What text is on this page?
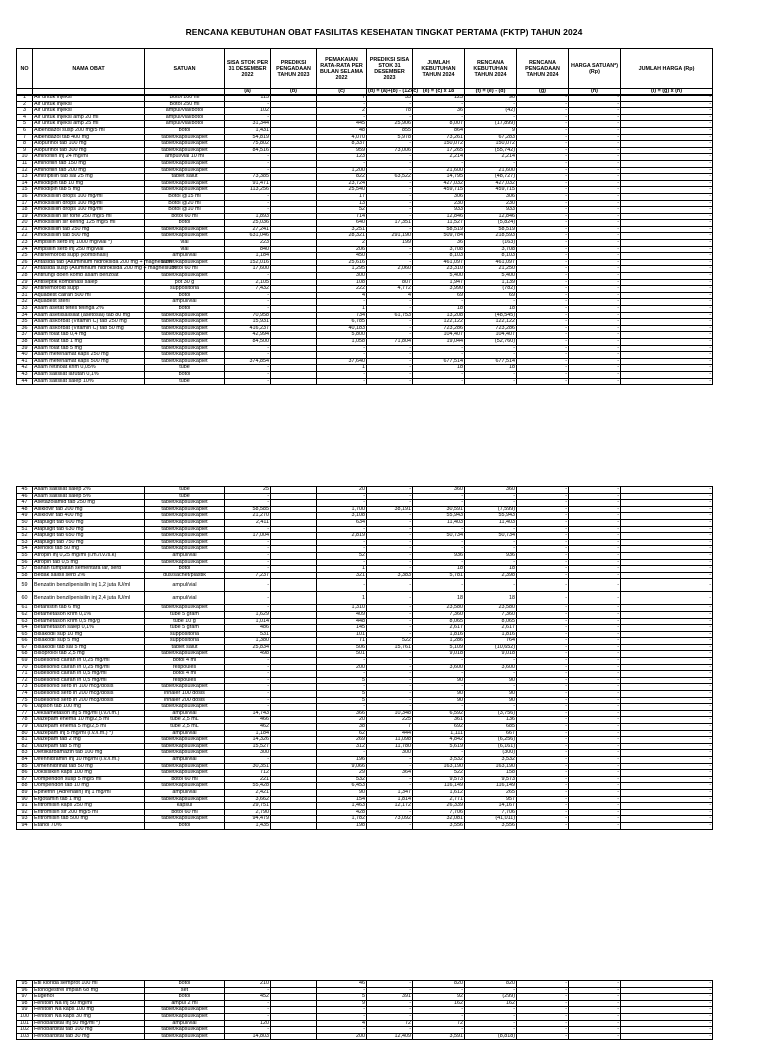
RENCANA KEBUTUHAN OBAT FASILITAS KESEHATAN TINGKAT PERTAMA (FKTP) TAHUN 2024
NO	NAMA OBAT	SATUAN	SISA STOK PER 31 DESEMBER 2022	PREDIKSI PENGADAAN TAHUN 2023	PEMAKAIAN RATA-RATA PER BULAN SELAMA 2022	PREDIKSI SISA STOK 31 DESEMBER 2023	JUMLAH KEBUTUHAN TAHUN 2024	RENCANA KEBUTUHAN TAHUN 2024	RENCANA PENGADAAN TAHUN 2024	HARGA SATUAN*) (Rp)	JUMLAH HARGA (Rp)
			(a)	(b)	(c)	(d) = (a)+(b) - (12xc)	(e) = (c) x 18	(f) = (e) - (d)	(g)	(h)	(i) = (g) x (h)
1	Air untuk injeksi	Botol 100 ml	115		7	33	123	90	-	-	-
2	Air untuk injeksi	Botol 250 ml	-		-	-	-	-	-	-	-
3	Air untuk injeksi	ampul/vial/botol	102		2	78	36	(42)	-	-	-
4	Air untuk injeksi amp 20 ml	ampul/vial/botol	-		-	-	-	-	-	-	-
5	Air untuk injeksi amp 25 ml	ampul/vial/botol	31,344		445	25,906	8,007	(17,899)	-	-	-
6	Albendazol susp 200 mg/5 ml	botol	1,431		48	855	864	9	-	-	-
7	Albendazol tab 400 mg	tablet/kapsul/kaplet	54,819		4,070	5,978	73,261	67,283	-	-	-
8	Alopurinol tab 100 mg	tablet/kapsul/kaplet	75,802		8,337	-	150,072	150,072	-	-	-
9	Alopurinol tab 300 mg	tablet/kapsul/kaplet	84,516		959	73,006	17,265	(55,742)	-	-	-
10	Aminofilin inj 24 mg/ml	ampul/vial 10 ml	-		123	-	2,214	2,214	-	-	-
11	Aminofilin tab 150 mg	tablet/kapsul/kaplet	-		-	-	-	-	-	-	-
12	Aminofilin tab 200 mg	tablet/kapsul/kaplet	-		1,200	-	21,600	21,600	-	-	-
13	Amitriptilin tab sal 25 mg	tablet salut	73,385		822	63,522	14,795	(48,727)	-	-	-
14	Amlodipin tab 10 mg	tablet/kapsul/kaplet	91,471		23,724	-	427,032	427,032	-	-	-
15	Amlodipin tab 5 mg	tablet/kapsul/kaplet	113,256		25,540	-	459,715	459,715	-	-	-
16	Amoksisilin drops 100 mg/ml	Botol @15 ml	-		17	-	306	306	-	-	-
17	Amoksisilin drops 100 mg/ml	Botol @20 ml	-		13	-	230	230	-	-	-
18	Amoksisilin drops 100 mg/ml	Botol @10 ml	-		52	-	933	933	-	-	-
19	Amoksisilin sir forte 250 mg/5 ml	botol 60 ml	1,893		714	-	12,846	12,846	-	-	-
20	Amoksisilin sir kering 125 mg/5 ml	botol	25,036		640	17,351	11,527	(5,824)	-	-	-
21	Amoksisilin tab 250 mg	tablet/kapsul/kaplet	27,241		3,251	-	58,519	58,519	-	-	-
22	Amoksisilin tab 500 mg	tablet/kapsul/kaplet	631,046		28,321	291,190	509,784	218,593	-	-	-
23	Ampisilin serb inj 1000 mg/vial *)	vial	223		2	199	36	(163)	-	-	-
24	Ampisilin serb inj 250 mg/vial	vial	840		206	-	3,708	3,708	-	-	-
25	Antihemoroid supp (kombinasi)	ampul/vial	1,184		450	-	8,103	8,103	-	-	-
26	Antasida tab (Aluminium hidroksida 200 mg + magnesium	tablet/kapsul/kaplet	152,016		25,616	-	461,097	461,097	-	-	-
27	Antasida susp (Aluminium hidroksida 200 mg + magnesium	botol 60 ml	17,600		1,295	2,060	23,310	21,250	-	-	-
28	Antifungi doen komb asam benzoat	tablet/kapsul/kaplet	-		300	-	5,400	5,400	-	-	-
29	Antiseptik kombinasi salep	pot 30 g	2,105		108	807	1,947	1,139	-	-	-
30	Antihemoroid supp	suppositoria	7,432		222	4,772	3,990	(782)	-	-	-
31	Aquadest cairan 500 ml	botol	-		4	4	69	69	-	-	-
32	Aquadest steril	ampul/vial	-		-	-	-	-	-	-	-
33	Asam asetat tetes telinga 2%	botol	-		1	-	18	18	-	-	-
34	Asam asetilsalisilat (asetosal) tab 80 mg	tablet/kapsul/kaplet	70,958		734	61,753	13,208	(48,545)	-	-	-
35	Asam askorbat (Vitamin C) tab 250 mg	tablet/kapsul/kaplet	15,931		6,785	-	122,122	122,122	-	-	-
36	Asam askorbat (Vitamin C) tab 50 mg	tablet/kapsul/kaplet	416,237		40,183	-	723,286	723,286	-	-	-
37	Asam folat tab 0,4 mg	tablet/kapsul/kaplet	42,994		5,800	-	104,407	104,407	-	-	-
38	Asam folat tab 1 mg	tablet/kapsul/kaplet	84,500		1,058	71,804	19,044	(52,760)	-	-	-
39	Asam folat tab 5 mg	tablet/kapsul/kaplet	-		-	-	-	-	-	-	-
40	Asam mefenamat kaps 250 mg	tablet/kapsul/kaplet	-		-	-	-	-	-	-	-
41	Asam mefenamat kaps 500 mg	tablet/kapsul/kaplet	374,854		37,640	-	677,514	677,514	-	-	-
42	Asam retinoat krim 0,05%	tube	-		1	-	18	18	-	-	-
43	Asam salisilat larutan 0,1%	botol	-		-	-	-	-	-	-	-
44	Asam salisilat salep 10%	tube	-		-	-	-	-	-	-	-
45	Asam salisilat salep 2%	tube	25		20	-	360	360	-	-	-
46	Asam salisilat salep 5%	tube	-		-	-	-	-	-	-	-
47	Asetazolamid tab 250 mg	tablet/kapsul/kaplet	-		-	-	-	-	-	-	-
48	Asiklovir tab 200 mg	tablet/kapsul/kaplet	58,585		1,700	38,191	30,591	(7,599)	-	-	-
49	Asiklovir tab 400 mg	tablet/kapsul/kaplet	21,270		3,108	-	55,943	55,943	-	-	-
50	Atapulgit tab 600 mg	tablet/kapsul/kaplet	2,411		634	-	11,403	11,403	-	-	-
51	Atapulgit tab 630 mg	tablet/kapsul/kaplet	-		-	-	-	-	-	-	-
52	Atapulgit tab 650 mg	tablet/kapsul/kaplet	17,004		2,819	-	50,734	50,734	-	-	-
53	Atapulgit tab 750 mg	tablet/kapsul/kaplet	-		-	-	-	-	-	-	-
54	Atenolol tab 50 mg	tablet/kapsul/kaplet	-		-	-	-	-	-	-	-
55	Atropin inj 0,25 mg/ml (i.m./i.v./s.k)	ampul/vial	-		52	-	936	936	-	-	-
56	Atropin tab 0,5 mg	tablet/kapsul/kaplet	-		-	-	-	-	-	-	-
57	Bahan tumpatan sementara lar, serb	botol	-		1	-	18	18	-	-	-
58	Bedak salisil serb 2%	dus/sachet/plastik	7,237		321	3,383	5,781	2,398	-	-	-
59	Benzatin benzilpenisilin inj 1,2 juta IU/ml	ampul/vial	-		-	-	-	-	-	-	-
60	Benzatin benzilpenisilin inj 2,4 juta IU/ml	ampul/vial	-		1	-	18	18	-	-	-
61	Betahistin tab 6 mg	tablet/kapsul/kaplet	-		1,310	-	23,580	23,580	-	-	-
62	Betametason krim 0,1%	tube 5 gram	1,629		409	-	7,360	7,360	-	-	-
63	Betametason krim 0,5 mg/g	tube 10 g	1,014		448	-	8,065	8,065	-	-	-
64	Betametason salep 0,1%	tube 5 gram	486		145	-	2,617	2,617	-	-	-
65	Bisakodil sup 10 mg	suppositoria	531		101	-	1,816	1,816	-	-	-
66	Bisakodil sup 5 mg	suppositoria	1,380		71	522	1,286	764	-	-	-
67	Bisakodil tab sal 5 mg	tablet salut	25,834		506	15,761	5,109	(10,652)	-	-	-
68	Bisoprolol tab 2,5 mg	tablet/kapsul/kaplet	498		501	-	9,018	9,018	-	-	-
69	Budesonid cairan ih 0,25 mg/ml	botol 4 ml	-		-	-	-	-	-	-	-
70	Budesonid cairan ih 0,25 mg/ml	respoules	-		200	-	3,600	3,600	-	-	-
71	Budesonid cairan ih 0,5 mg/ml	botol 4 ml	-		-	-	-	-	-	-	-
72	Budesonid cairan ih 0,5 mg/ml	respoules	-		5	-	90	90	-	-	-
73	Budesonid serb ih 100 mcg/dosis	tablet/kapsul/kaplet	-		-	-	-	-	-	-	-
74	Budesonid serb ih 200 mcg/dosis	inhaler 100 dosis	-		5	-	90	90	-	-	-
75	Budesonid serb ih 200 mcg/dosis	inhaler 200 dosis	-		5	-	90	90	-	-	-
76	Dapson tab 100 mg	tablet/kapsul/kaplet	-		-	-	-	-	-	-	-
77	Deksametason inj 5 mg/ml (i.v./i.m.)	ampul/vial	14,743		366	10,348	6,592	(3,756)	-	-	-
78	Diazepam enema 10 mg/2,5 ml	tube 2,5 mL	466		20	225	361	136	-	-	-
79	Diazepam enema 5 mg/2,5 ml	tube 2,5 mL	462		38	7	692	685	-	-	-
80	Diazepam inj 5 mg/ml (i.v./i.m.) *)	ampul/vial	1,184		62	444	1,111	667	-	-	-
81	Diazepam tab 2 mg	tablet/kapsul/kaplet	14,326		269	11,098	4,842	(6,256)	-	-	-
82	Diazepam tab 5 mg	tablet/kapsul/kaplet	15,527		312	11,780	5,619	(6,161)	-	-	-
83	Dietilkarbamazin tab 100 mg	tablet/kapsul/kaplet	300		-	300	-	(300)	-	-	-
84	Difenhidramin inj 10 mg/ml (i.v./i.m.)	ampul/vial	-		196	-	3,532	3,532	-	-	-
85	Dimenhidrinat tab 50 mg	tablet/kapsul/kaplet	30,351		9,066	-	163,190	163,190	-	-	-
86	Doksisiklin kaps 100 mg	tablet/kapsul/kaplet	712		29	364	522	158	-	-	-
87	Domperidon susp 5 mg/5 ml	botol 60 ml	221		532	-	9,573	9,573	-	-	-
88	Domperidon tab 10 mg	tablet/kapsul/kaplet	55,428		6,453	-	116,149	116,149	-	-	-
89	Epinefrin (Adrenalin) inj 1 mg/ml	ampul/vial	2,421		90	1,347	1,612	265	-	-	-
90	Ergotamin tab 1 mg	tablet/kapsul/kaplet	3,662		154	1,814	2,771	957	-	-	-
91	Eritromisin kaps 250 mg	kapsul	29,751		1,463	12,172	26,339	14,167	-	-	-
92	Eritromisin sir 200 mg/5 ml	botol 60 ml	2,790		428	-	7,706	7,706	-	-	-
93	Eritromisin tab 500 mg	tablet/kapsul/kaplet	94,479		1,782	73,092	32,081	(41,011)	-	-	-
94	Etanol 70%	botol	1,435		198	-	3,556	3,556	-	-	-
95	Etil klorida semprot 100 ml	botol	210		46	-	820	820	-	-	-
96	Etonogestrel implan 68 mg	set	-		-	-	-	-	-	-	-
97	Eugenol	botol	452		5	391	92	(299)	-	-	-
98	Fenitoin Na inj 50 mg/ml	ampul 2 ml	-		9	-	162	162	-	-	-
99	Fenitoin Na kaps 100 mg	tablet/kapsul/kaplet	-		-	-	-	-	-	-	-
100	Fenitoin Na kaps 30 mg	tablet/kapsul/kaplet	-		-	-	-	-	-	-	-
101	Fenobarbital inj 50 mg/ml *)	ampul/vial	120		4	72	72	-	-	-	-
102	Fenobarbital tab 100 mg	tablet/kapsul/kaplet	-		-	-	-	-	-	-	-
103	Fenobarbital tab 30 mg	tablet/kapsul/kaplet	14,803		200	12,409	3,591	(8,818)	-	-	-
